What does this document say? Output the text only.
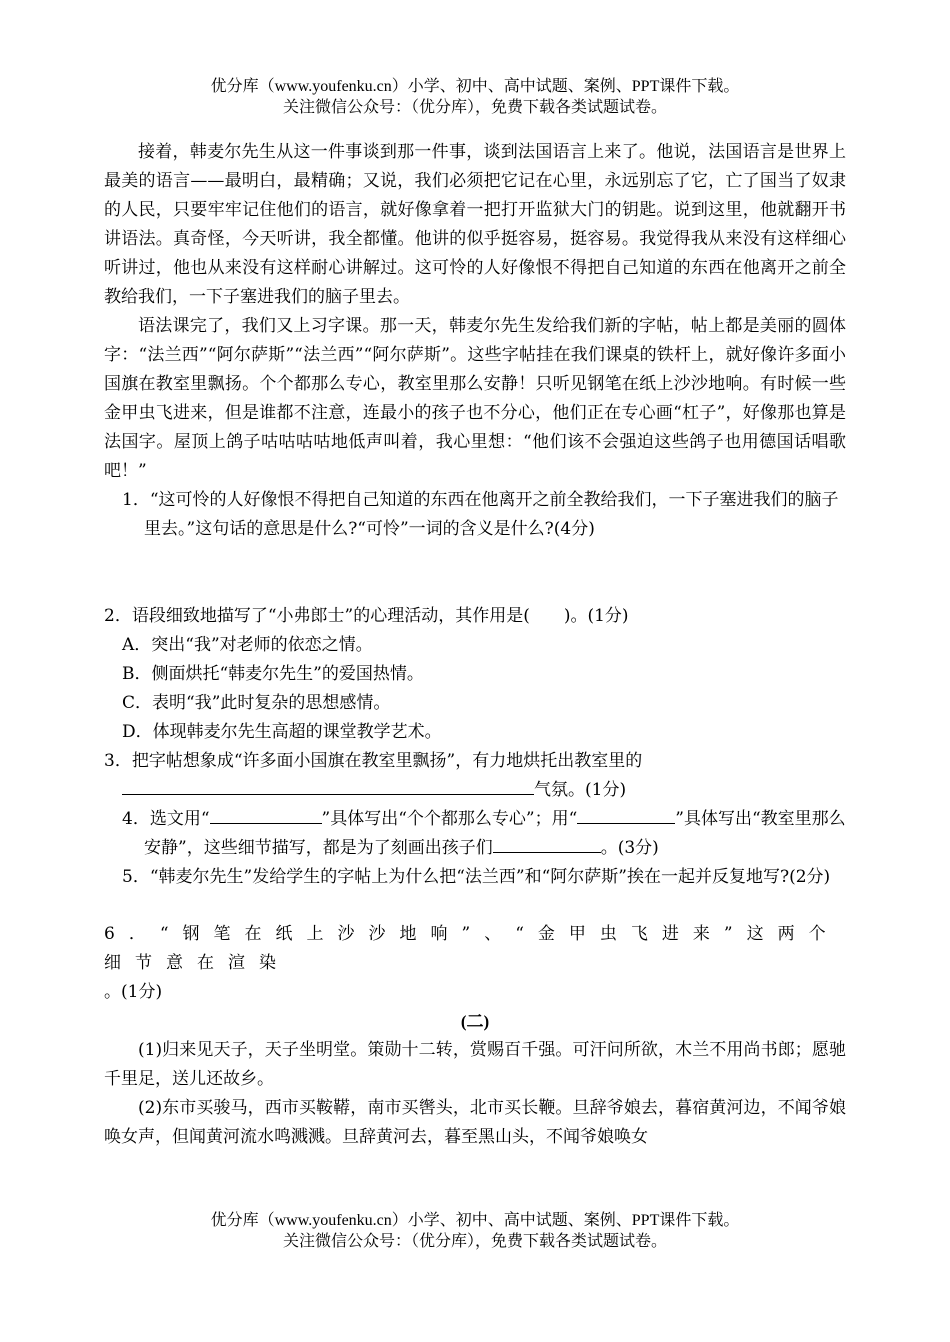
优分库（www.youfenku.cn）小学、初中、高中试题、案例、PPT课件下载。
关注微信公众号：（优分库），免费下载各类试题试卷。

接着，韩麦尔先生从这一件事谈到那一件事，谈到法国语言上来了。他说，法国语言是世界上最美的语言——最明白，最精确；又说，我们必须把它记在心里，永远别忘了它，亡了国当了奴隶的人民，只要牢牢记住他们的语言，就好像拿着一把打开监狱大门的钥匙。说到这里，他就翻开书讲语法。真奇怪，今天听讲，我全都懂。他讲的似乎挺容易，挺容易。我觉得我从来没有这样细心听讲过，他也从来没有这样耐心讲解过。这可怜的人好像恨不得把自己知道的东西在他离开之前全教给我们，一下子塞进我们的脑子里去。

语法课完了，我们又上习字课。那一天，韩麦尔先生发给我们新的字帖，帖上都是美丽的圆体字：“法兰西”“阿尔萨斯”“法兰西”“阿尔萨斯”。这些字帖挂在我们课桌的铁杆上，就好像许多面小国旗在教室里飘扬。个个都那么专心，教室里那么安静！只听见钢笔在纸上沙沙地响。有时候一些金甲虫飞进来，但是谁都不注意，连最小的孩子也不分心，他们正在专心画“杠子”，好像那也算是法国字。屋顶上鸽子咕咕咕咕地低声叫着，我心里想：“他们该不会强迫这些鸽子也用德国话唱歌吧！”

1．“这可怜的人好像恨不得把自己知道的东西在他离开之前全教给我们，一下子塞进我们的脑子里去。”这句话的意思是什么?“可怜”一词的含义是什么?(4分)

2．语段细致地描写了“小弗郎士”的心理活动，其作用是(　　)。(1分)

A．突出“我”对老师的依恋之情。

B．侧面烘托“韩麦尔先生”的爱国热情。

C．表明“我”此时复杂的思想感情。

D．体现韩麦尔先生高超的课堂教学艺术。

3．把字帖想象成“许多面小国旗在教室里飘扬”，有力地烘托出教室里的
气氛。(1分)

4．选文用“	”具体写出“个个都那么专心”；用“	”具体写出“教室里那么安静”，这些细节描写，都是为了刻画出孩子们	。(3分)

5．“韩麦尔先生”发给学生的字帖上为什么把“法兰西”和“阿尔萨斯”挨在一起并反复地写?(2分)

6．“钢笔在纸上沙沙地响”、“金甲虫飞进来”这两个细节意在渲染
。(1分)

(二)

(1)归来见天子，天子坐明堂。策勋十二转，赏赐百千强。可汗问所欲，木兰不用尚书郎；愿驰千里足，送儿还故乡。

(2)东市买骏马，西市买鞍鞯，南市买辔头，北市买长鞭。旦辞爷娘去，暮宿黄河边，不闻爷娘唤女声，但闻黄河流水鸣溅溅。旦辞黄河去，暮至黑山头，不闻爷娘唤女

优分库（www.youfenku.cn）小学、初中、高中试题、案例、PPT课件下载。
关注微信公众号：（优分库），免费下载各类试题试卷。
